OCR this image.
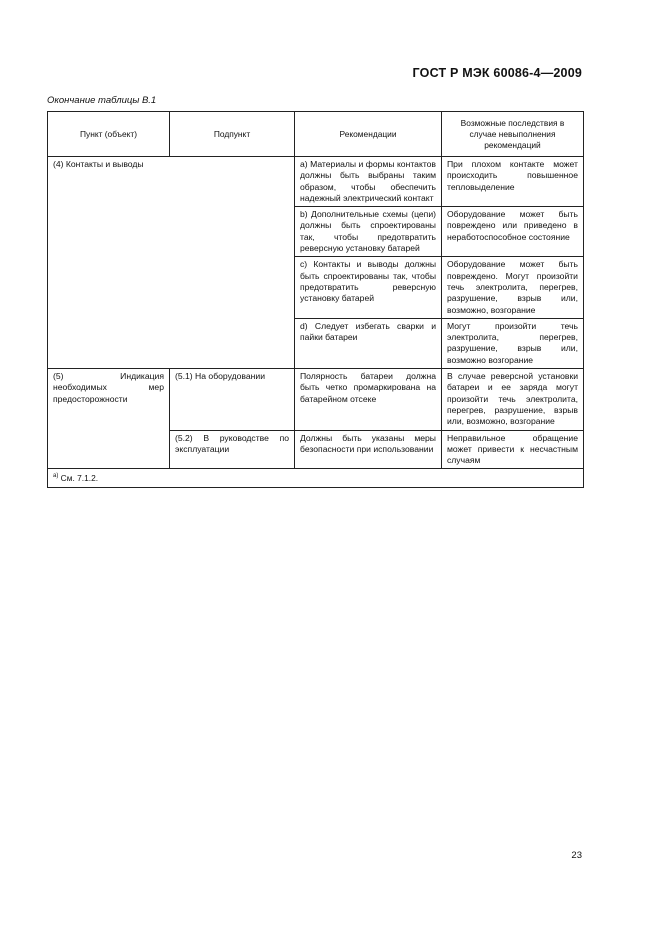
ГОСТ Р МЭК 60086-4—2009
Окончание таблицы В.1
Пункт (объект)	Подпункт	Рекомендации	Возможные последствия в случае невыполнения рекомендаций
(4) Контакты и выводы		a) Материалы и формы контактов должны быть выбраны таким образом, чтобы обеспечить надежный электрический контакт	При плохом контакте может происходить повышенное тепловыделение
		b) Дополнительные схемы (цепи) должны быть спроектированы так, чтобы предотвратить реверсную установку батарей	Оборудование может быть повреждено или приведено в неработоспособное состояние
		c) Контакты и выводы должны быть спроектированы так, чтобы предотвратить реверсную установку батарей	Оборудование может быть повреждено. Могут произойти течь электролита, перегрев, разрушение, взрыв или, возможно, возгорание
		d) Следует избегать сварки и пайки батареи	Могут произойти течь электролита, перегрев, разрушение, взрыв или, возможно возгорание
(5) Индикация необходимых мер предосторожности	(5.1) На оборудовании	Полярность батареи должна быть четко промаркирована на батарейном отсеке	В случае реверсной установки батареи и ее заряда могут произойти течь электролита, перегрев, разрушение, взрыв или, возможно, возгорание
	(5.2) В руководстве по эксплуатации	Должны быть указаны меры безопасности при использовании	Неправильное обращение может привести к несчастным случаям
$^{а)}$ См. 7.1.2.			
23
